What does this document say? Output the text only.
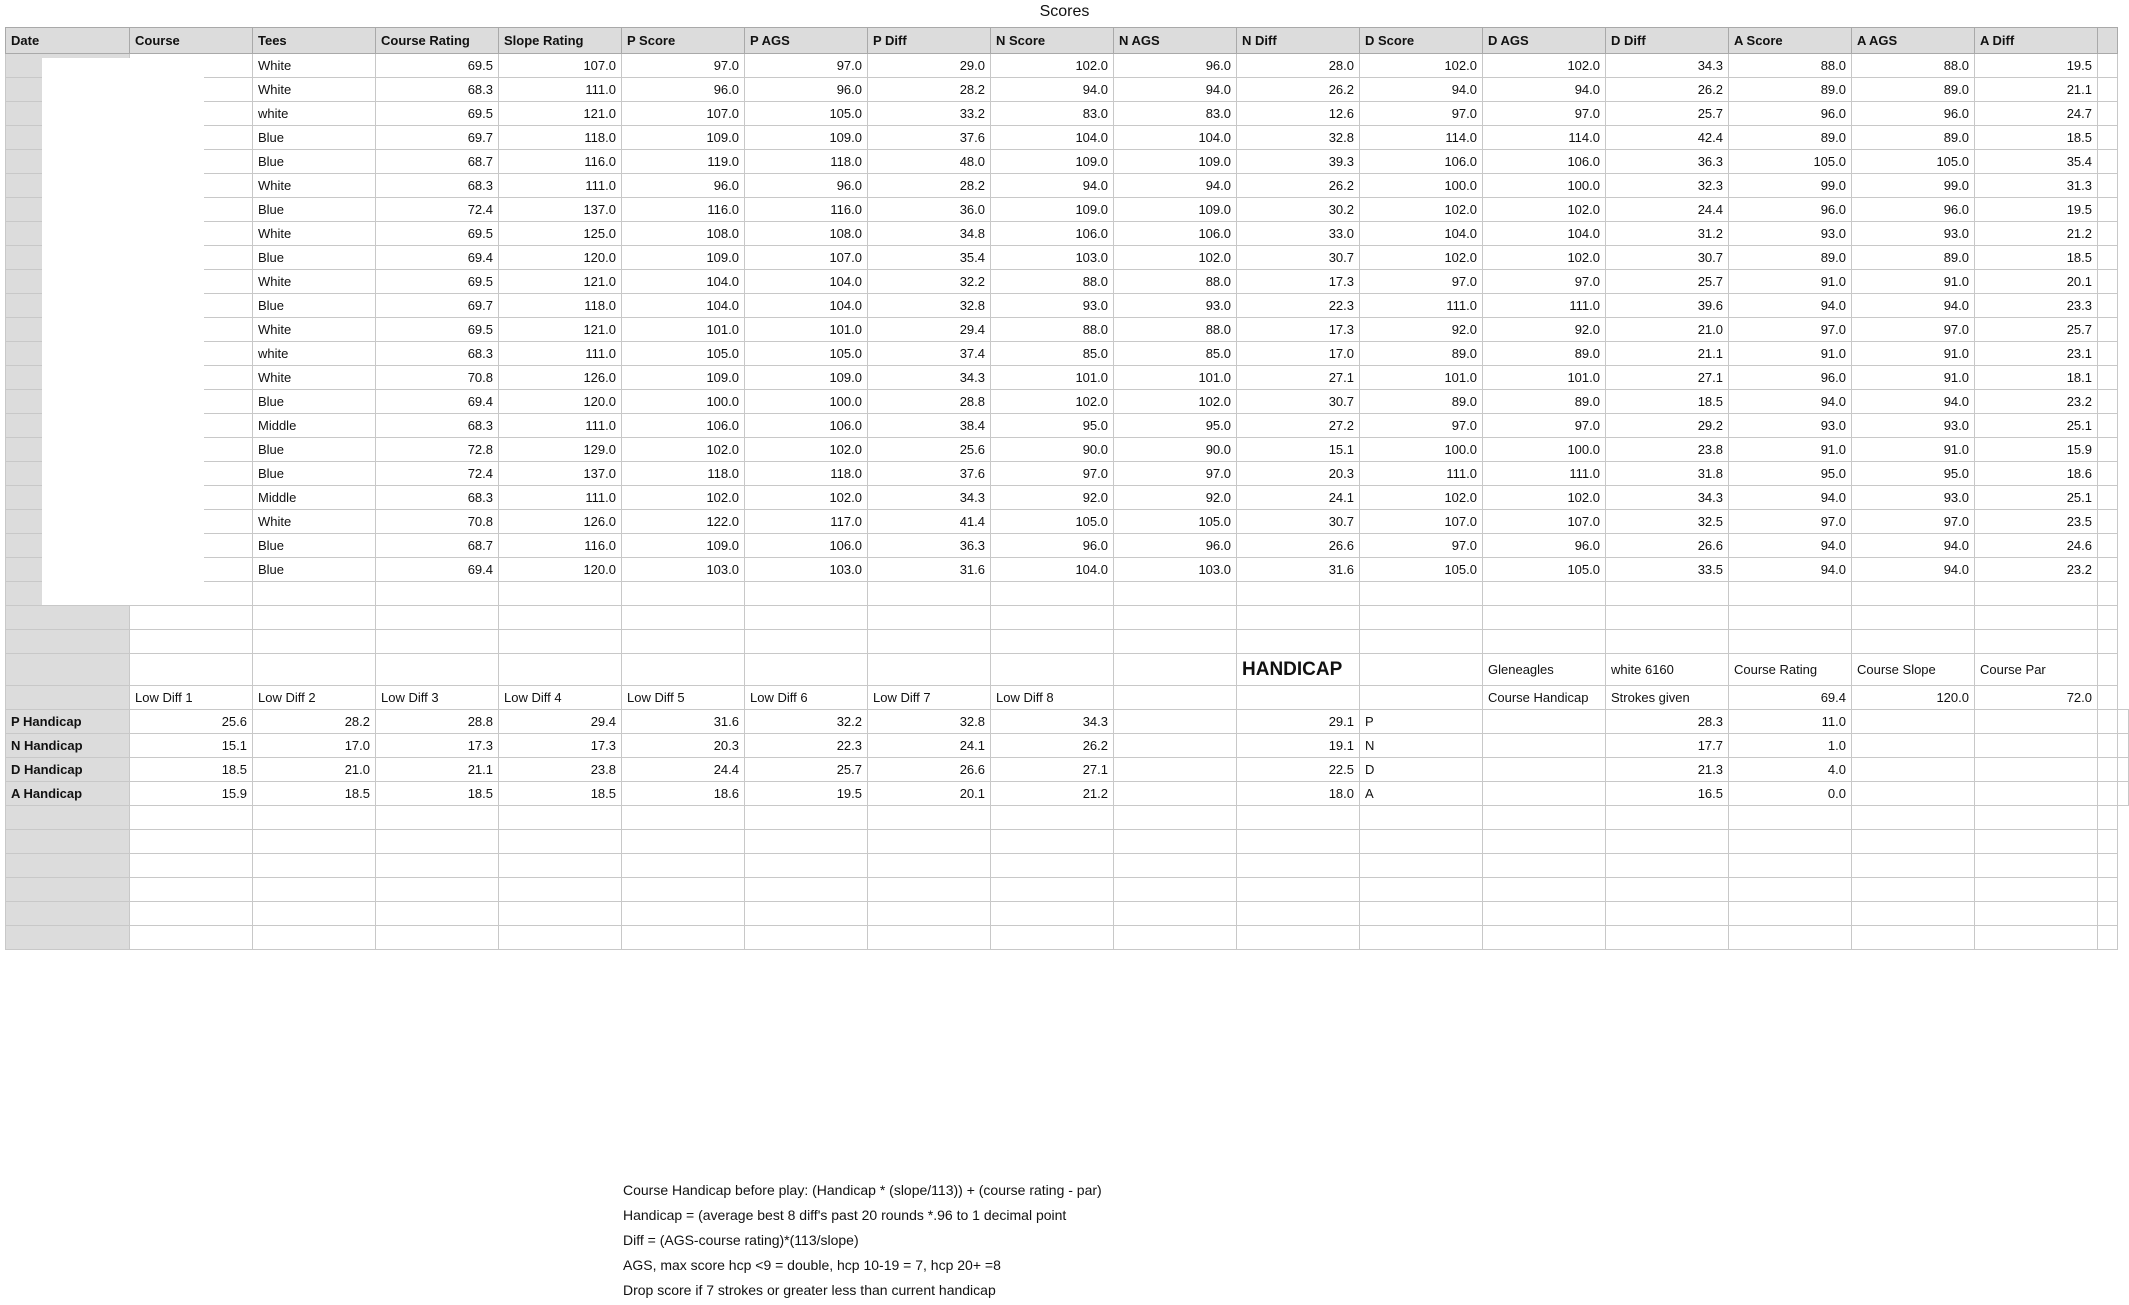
Scores
Date	Course	Tees	Course Rating	Slope Rating	P Score	P AGS	P Diff	N Score	N AGS	N Diff	D Score	D AGS	D Diff	A Score	A AGS	A Diff		
		White	69.5	107.0	97.0	97.0	29.0	102.0	96.0	28.0	102.0	102.0	34.3	88.0	88.0	19.5		
		White	68.3	111.0	96.0	96.0	28.2	94.0	94.0	26.2	94.0	94.0	26.2	89.0	89.0	21.1		
		white	69.5	121.0	107.0	105.0	33.2	83.0	83.0	12.6	97.0	97.0	25.7	96.0	96.0	24.7		
		Blue	69.7	118.0	109.0	109.0	37.6	104.0	104.0	32.8	114.0	114.0	42.4	89.0	89.0	18.5		
		Blue	68.7	116.0	119.0	118.0	48.0	109.0	109.0	39.3	106.0	106.0	36.3	105.0	105.0	35.4		
		White	68.3	111.0	96.0	96.0	28.2	94.0	94.0	26.2	100.0	100.0	32.3	99.0	99.0	31.3		
		Blue	72.4	137.0	116.0	116.0	36.0	109.0	109.0	30.2	102.0	102.0	24.4	96.0	96.0	19.5		
		White	69.5	125.0	108.0	108.0	34.8	106.0	106.0	33.0	104.0	104.0	31.2	93.0	93.0	21.2		
		Blue	69.4	120.0	109.0	107.0	35.4	103.0	102.0	30.7	102.0	102.0	30.7	89.0	89.0	18.5		
		White	69.5	121.0	104.0	104.0	32.2	88.0	88.0	17.3	97.0	97.0	25.7	91.0	91.0	20.1		
		Blue	69.7	118.0	104.0	104.0	32.8	93.0	93.0	22.3	111.0	111.0	39.6	94.0	94.0	23.3		
		White	69.5	121.0	101.0	101.0	29.4	88.0	88.0	17.3	92.0	92.0	21.0	97.0	97.0	25.7		
		white	68.3	111.0	105.0	105.0	37.4	85.0	85.0	17.0	89.0	89.0	21.1	91.0	91.0	23.1		
		White	70.8	126.0	109.0	109.0	34.3	101.0	101.0	27.1	101.0	101.0	27.1	96.0	91.0	18.1		
		Blue	69.4	120.0	100.0	100.0	28.8	102.0	102.0	30.7	89.0	89.0	18.5	94.0	94.0	23.2		
		Middle	68.3	111.0	106.0	106.0	38.4	95.0	95.0	27.2	97.0	97.0	29.2	93.0	93.0	25.1		
		Blue	72.8	129.0	102.0	102.0	25.6	90.0	90.0	15.1	100.0	100.0	23.8	91.0	91.0	15.9		
		Blue	72.4	137.0	118.0	118.0	37.6	97.0	97.0	20.3	111.0	111.0	31.8	95.0	95.0	18.6		
		Middle	68.3	111.0	102.0	102.0	34.3	92.0	92.0	24.1	102.0	102.0	34.3	94.0	93.0	25.1		
		White	70.8	126.0	122.0	117.0	41.4	105.0	105.0	30.7	107.0	107.0	32.5	97.0	97.0	23.5		
		Blue	68.7	116.0	109.0	106.0	36.3	96.0	96.0	26.6	97.0	96.0	26.6	94.0	94.0	24.6		
		Blue	69.4	120.0	103.0	103.0	31.6	104.0	103.0	31.6	105.0	105.0	33.5	94.0	94.0	23.2		

										HANDICAP		Gleneagles	white 6160	Course Rating	Course Slope	Course Par		
	Low Diff 1	Low Diff 2	Low Diff 3	Low Diff 4	Low Diff 5	Low Diff 6	Low Diff 7	Low Diff 8				Course Handicap	Strokes given	69.4	120.0	72.0		
P Handicap	25.6	28.2	28.8	29.4	31.6	32.2	32.8	34.3		29.1	P		28.3	11.0				
N Handicap	15.1	17.0	17.3	17.3	20.3	22.3	24.1	26.2		19.1	N		17.7	1.0				
D Handicap	18.5	21.0	21.1	23.8	24.4	25.7	26.6	27.1		22.5	D		21.3	4.0				
A Handicap	15.9	18.5	18.5	18.5	18.6	19.5	20.1	21.2		18.0	A		16.5	0.0				

Course Handicap before play: (Handicap * (slope/113)) + (course rating - par)
Handicap = (average best 8 diff's past 20 rounds *.96 to 1 decimal point
Diff = (AGS-course rating)*(113/slope)
AGS, max score hcp <9 = double, hcp 10-19 = 7, hcp 20+ =8
Drop score if 7 strokes or greater less than current handicap
